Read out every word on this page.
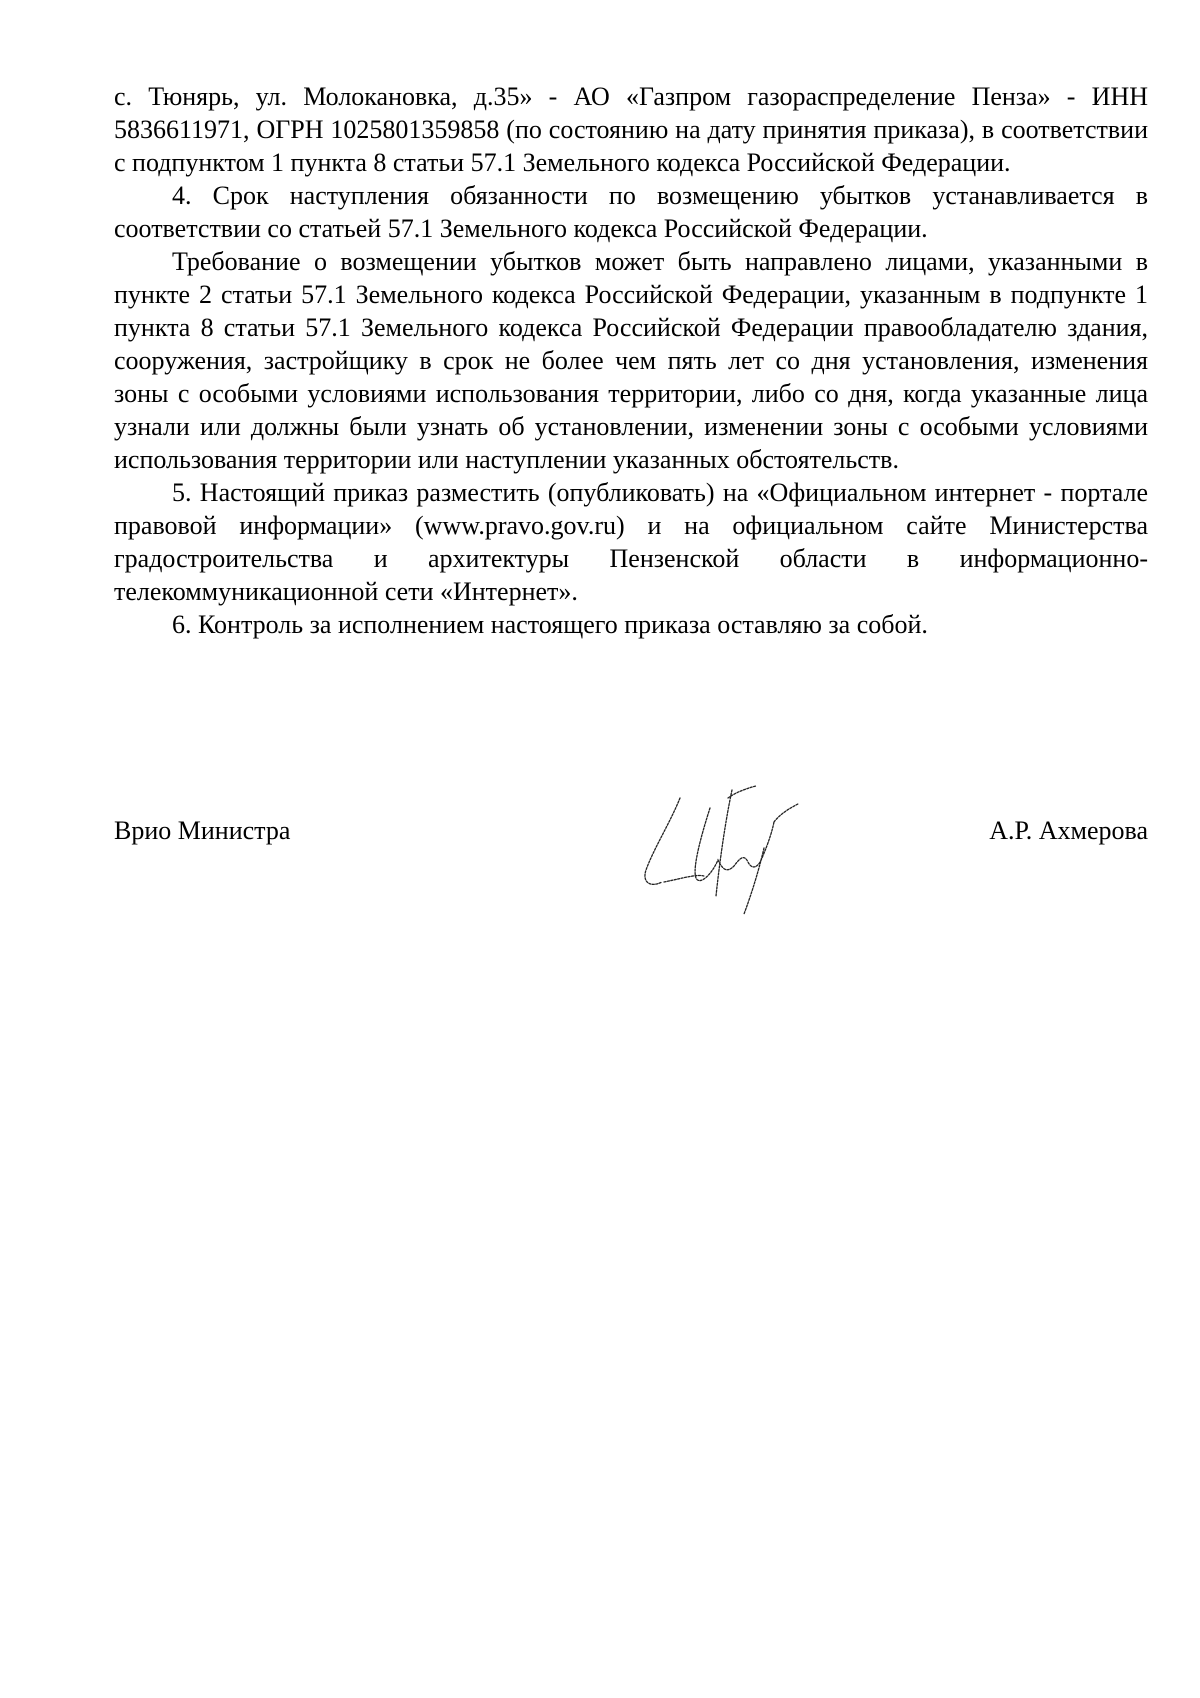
с. Тюнярь, ул. Молокановка, д.35» - АО «Газпром газораспределение Пенза» - ИНН 5836611971, ОГРН 1025801359858 (по состоянию на дату принятия приказа), в соответствии с подпунктом 1 пункта 8 статьи 57.1 Земельного кодекса Российской Федерации.

4. Срок наступления обязанности по возмещению убытков устанавливается в соответствии со статьей 57.1 Земельного кодекса Российской Федерации.

Требование о возмещении убытков может быть направлено лицами, указанными в пункте 2 статьи 57.1 Земельного кодекса Российской Федерации, указанным в подпункте 1 пункта 8 статьи 57.1 Земельного кодекса Российской Федерации правообладателю здания, сооружения, застройщику в срок не более чем пять лет со дня установления, изменения зоны с особыми условиями использования территории, либо со дня, когда указанные лица узнали или должны были узнать об установлении, изменении зоны с особыми условиями использования территории или наступлении указанных обстоятельств.

5. Настоящий приказ разместить (опубликовать) на «Официальном интернет - портале правовой информации» (www.pravo.gov.ru) и на официальном сайте Министерства градостроительства и архитектуры Пензенской области в информационно-телекоммуникационной сети «Интернет».

6. Контроль за исполнением настоящего приказа оставляю за собой.

Врио Министра	А.Р. Ахмерова
